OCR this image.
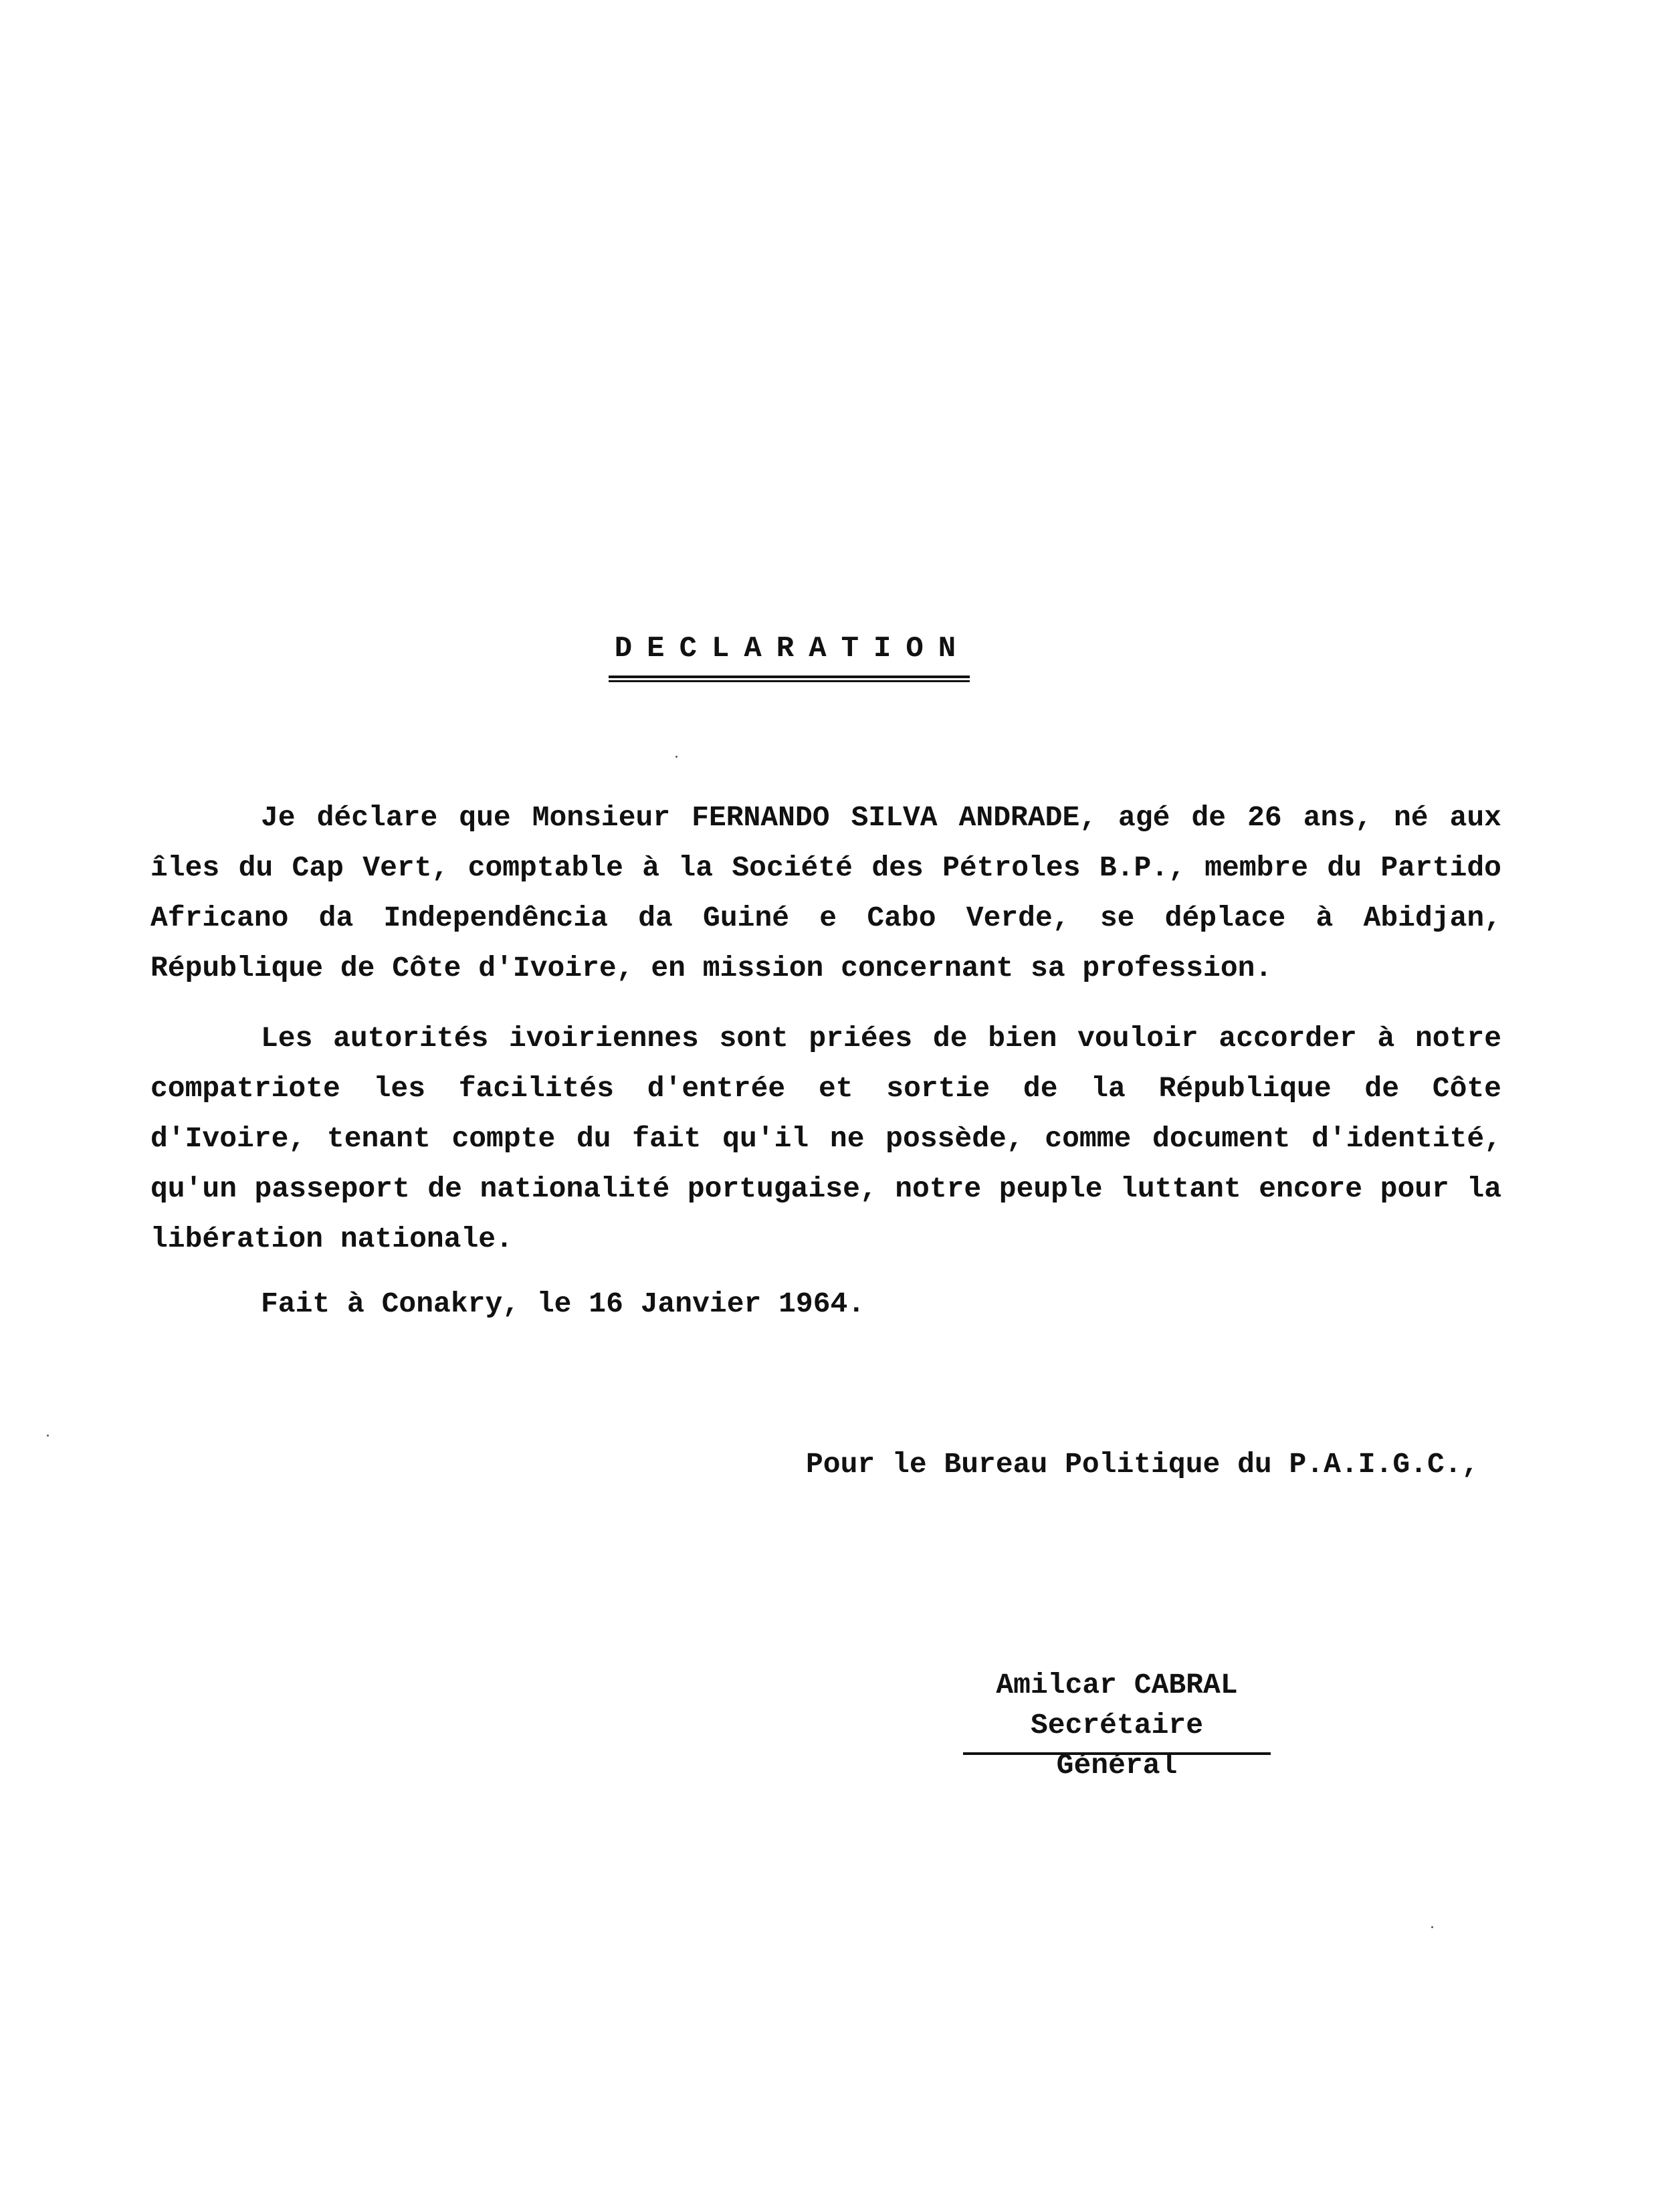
DECLARATION
Je déclare que Monsieur FERNANDO SILVA ANDRADE, agé de 26 ans, né aux îles du Cap Vert, comptable à la Société des Pétroles B.P., membre du Partido Africano da Independência da Guiné e Cabo Verde, se déplace à Abidjan, République de Côte d'Ivoire, en mission concernant sa profession.
Les autorités ivoiriennes sont priées de bien vouloir accorder à notre compatriote les facilités d'entrée et sortie de la République de Côte d'Ivoire, tenant compte du fait qu'il ne possède, comme document d'identité, qu'un passeport de nationalité portugaise, notre peuple luttant encore pour la libération nationale.
Fait à Conakry, le 16 Janvier 1964.
Pour le Bureau Politique du P.A.I.G.C.,
Amilcar CABRAL
Secrétaire Général
